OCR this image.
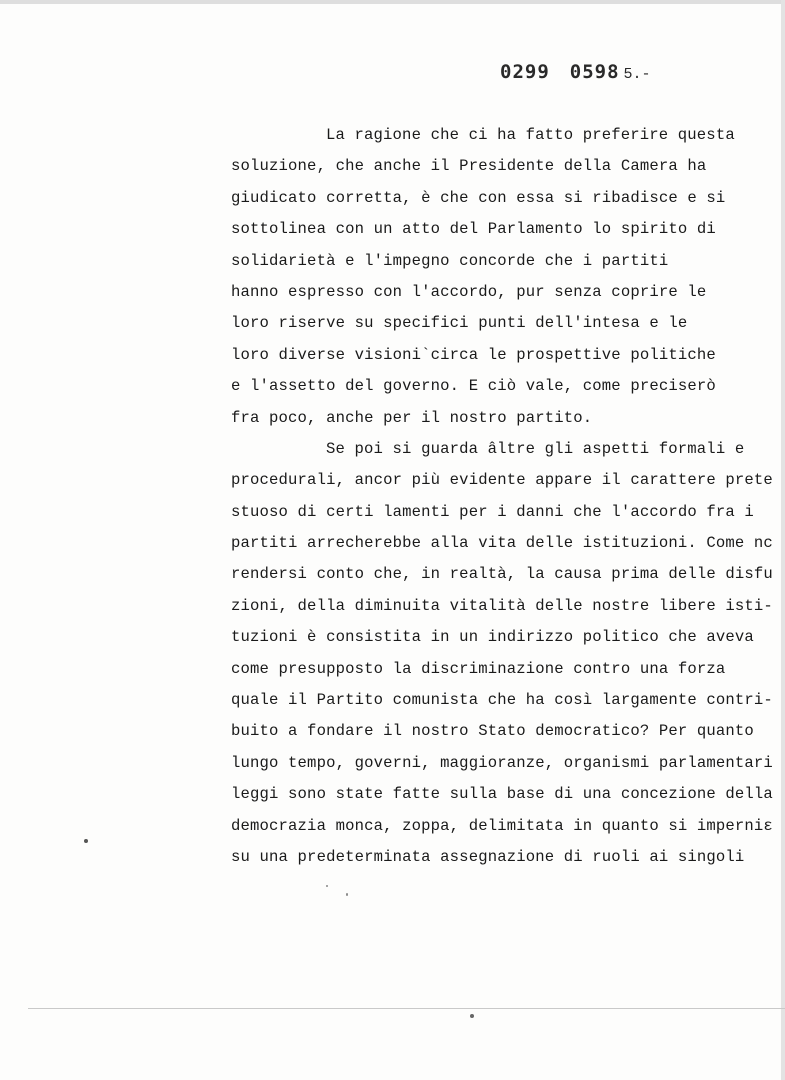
0299 0598 5.-
La ragione che ci ha fatto preferire questa
soluzione, che anche il Presidente della Camera ha
giudicato corretta, è che con essa si ribadisce e si
sottolinea con un atto del Parlamento lo spirito di
solidarietà e l'impegno concorde che i partiti
hanno espresso con l'accordo, pur senza coprire le
loro riserve su specifici punti dell'intesa e le
loro diverse visioni`circa le prospettive politiche
e l'assetto del governo. E ciò vale, come preciserò
fra poco, anche per il nostro partito.
Se poi si guarda âltre gli aspetti formali e
procedurali, ancor più evidente appare il carattere prete
stuoso di certi lamenti per i danni che l'accordo fra i
partiti arrecherebbe alla vita delle istituzioni. Come nc
rendersi conto che, in realtà, la causa prima delle disfu
zioni, della diminuita vitalità delle nostre libere isti-
tuzioni è consistita in un indirizzo politico che aveva
come presupposto la discriminazione contro una forza
quale il Partito comunista che ha così largamente contri-
buito a fondare il nostro Stato democratico? Per quanto
lungo tempo, governi, maggioranze, organismi parlamentari
leggi sono state fatte sulla base di una concezione della
democrazia monca, zoppa, delimitata in quanto si imperniε
su una predeterminata assegnazione di ruoli ai singoli
